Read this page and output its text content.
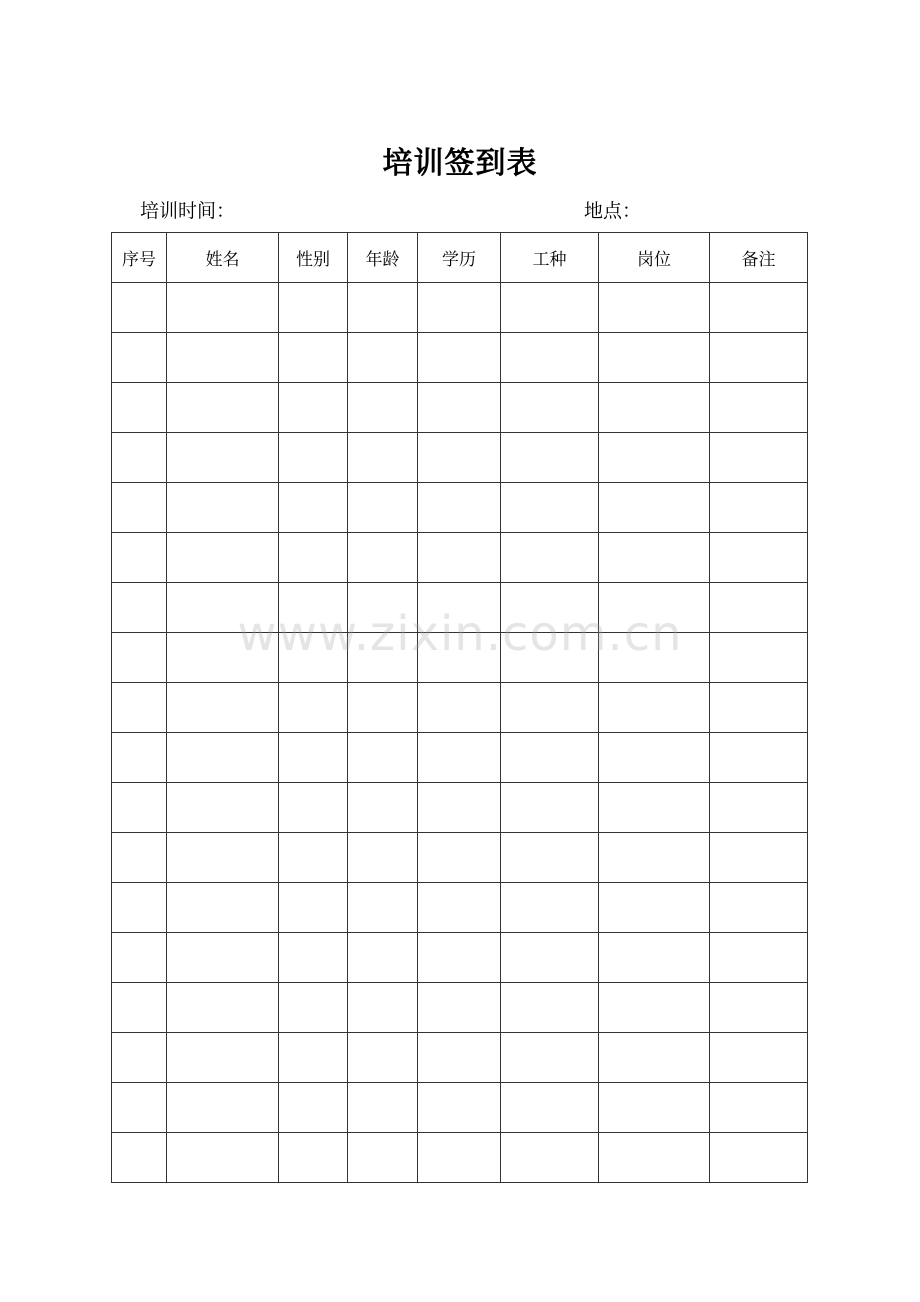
培训签到表
培训时间：	地点：
序号	姓名	性别	年龄	学历	工种	岗位	备注

www.zixin.com.cn
